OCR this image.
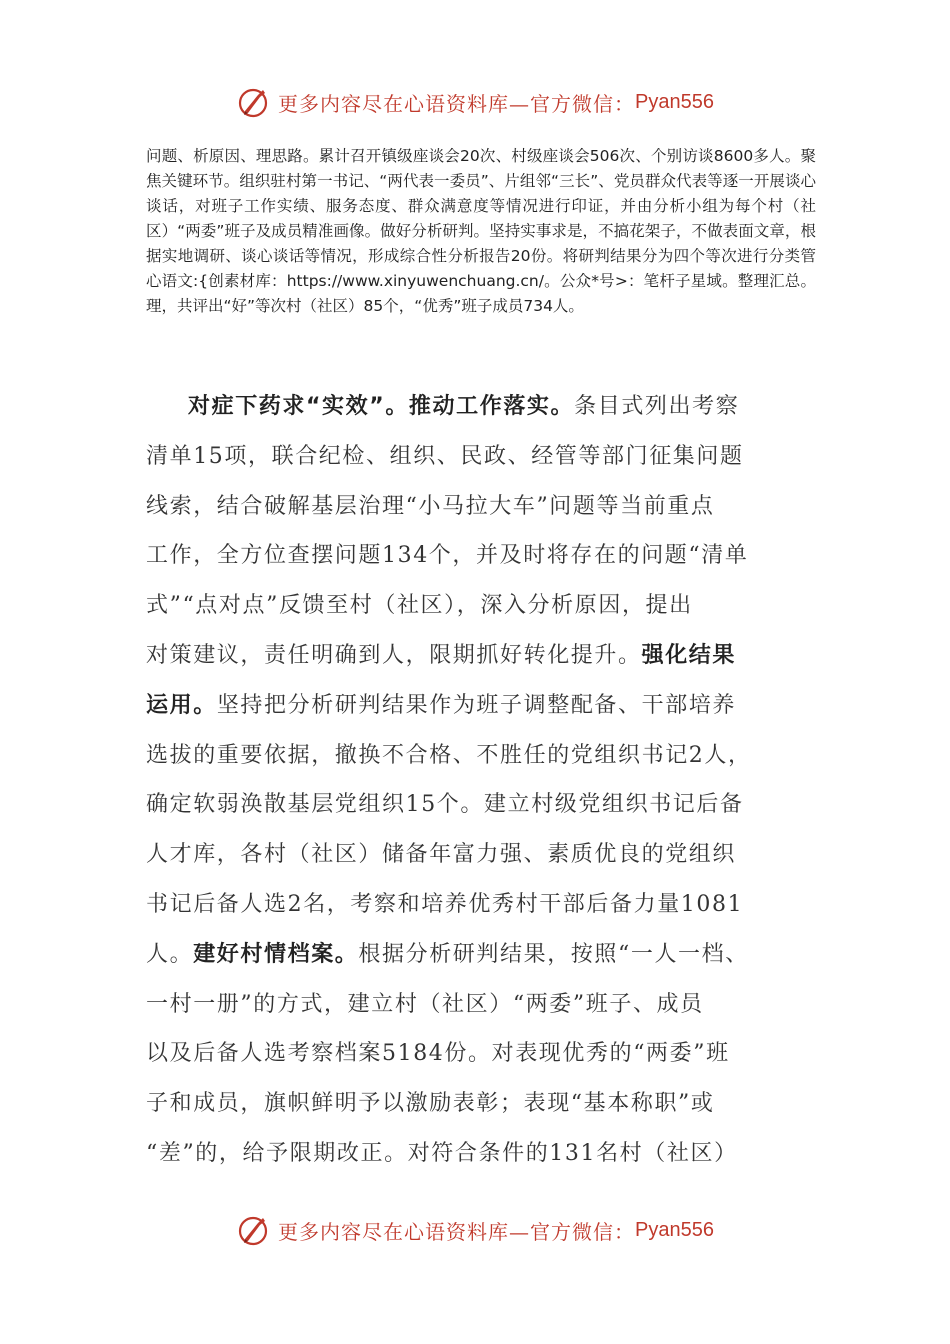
更多内容尽在心语资料库—官方微信： Pyan556

问题、析原因、理思路。累计召开镇级座谈会20次、村级座谈会506次、个别访谈8600多人。聚焦关键环节。组织驻村第一书记、“两代表一委员”、片组邻“三长”、党员群众代表等逐一开展谈心谈话，对班子工作实绩、服务态度、群众满意度等情况进行印证，并由分析小组为每个村（社区）“两委”班子及成员精准画像。做好分析研判。坚持实事求是，不搞花架子，不做表面文章，根据实地调研、谈心谈话等情况，形成综合性分析报告20份。将研判结果分为四个等次进行分类管心语文:{创素材库：https://www.xinyuwenchuang.cn/。公众*号>：笔杆子星域。整理汇总。理，共评出“好”等次村（社区）85个，“优秀”班子成员734人。

对症下药求“实效”。推动工作落实。条目式列出考察
清单15项，联合纪检、组织、民政、经管等部门征集问题
线索，结合破解基层治理“小马拉大车”问题等当前重点
工作，全方位查摆问题134个，并及时将存在的问题“清单
式”“点对点”反馈至村（社区），深入分析原因，提出
对策建议，责任明确到人，限期抓好转化提升。强化结果
运用。坚持把分析研判结果作为班子调整配备、干部培养
选拔的重要依据，撤换不合格、不胜任的党组织书记2人，
确定软弱涣散基层党组织15个。建立村级党组织书记后备
人才库，各村（社区）储备年富力强、素质优良的党组织
书记后备人选2名，考察和培养优秀村干部后备力量1081
人。建好村情档案。根据分析研判结果，按照“一人一档、
一村一册”的方式，建立村（社区）“两委”班子、成员
以及后备人选考察档案5184份。对表现优秀的“两委”班
子和成员，旗帜鲜明予以激励表彰；表现“基本称职”或
“差”的，给予限期改正。对符合条件的131名村（社区）
更多内容尽在心语资料库—官方微信： Pyan556
